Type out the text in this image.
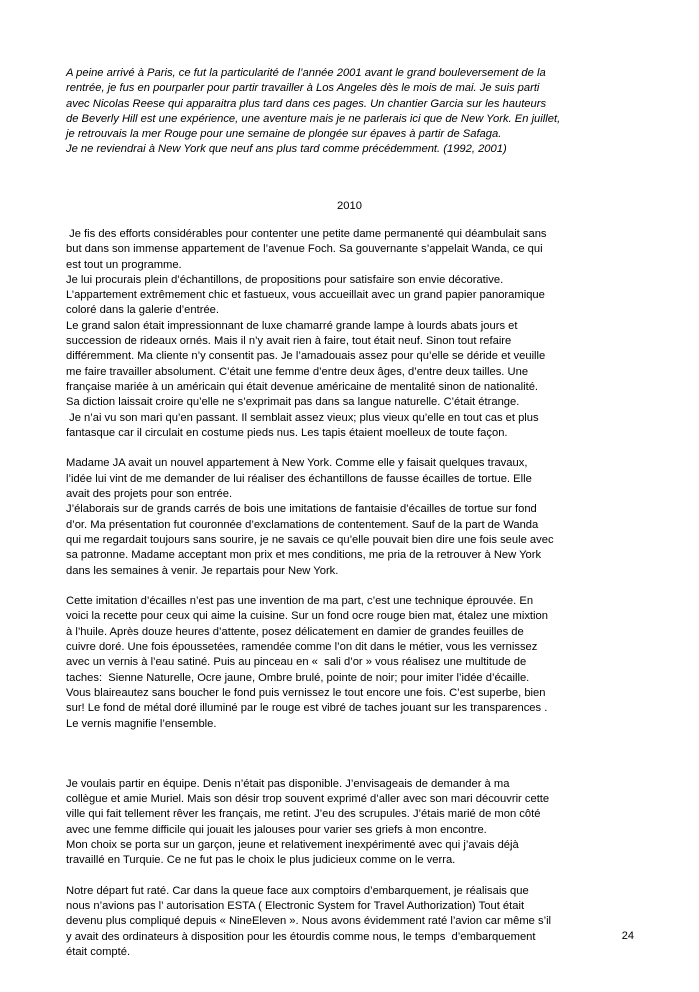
A peine arrivé à Paris, ce fut la particularité de l’année 2001 avant le grand bouleversement de la
rentrée, je fus en pourparler pour partir travailler à Los Angeles dès le mois de mai. Je suis parti
avec Nicolas Reese qui apparaitra plus tard dans ces pages. Un chantier Garcia sur les hauteurs
de Beverly Hill est une expérience, une aventure mais je ne parlerais ici que de New York. En juillet,
je retrouvais la mer Rouge pour une semaine de plongée sur épaves à partir de Safaga.
Je ne reviendrai à New York que neuf ans plus tard comme précédemment. (1992, 2001)
2010
Je fis des efforts considérables pour contenter une petite dame permanenté qui déambulait sans
but dans son immense appartement de l’avenue Foch. Sa gouvernante s’appelait Wanda, ce qui
est tout un programme.
Je lui procurais plein d’échantillons, de propositions pour satisfaire son envie décorative.
L’appartement extrêmement chic et fastueux, vous accueillait avec un grand papier panoramique
coloré dans la galerie d’entrée.
Le grand salon était impressionnant de luxe chamarré grande lampe à lourds abats jours et
succession de rideaux ornés. Mais il n’y avait rien à faire, tout était neuf. Sinon tout refaire
différemment. Ma cliente n’y consentit pas. Je l’amadouais assez pour qu’elle se déride et veuille
me faire travailler absolument. C’était une femme d’entre deux âges, d’entre deux tailles. Une
française mariée à un américain qui était devenue américaine de mentalité sinon de nationalité.
Sa diction laissait croire qu’elle ne s’exprimait pas dans sa langue naturelle. C’était étrange.
Je n’ai vu son mari qu’en passant. Il semblait assez vieux; plus vieux qu’elle en tout cas et plus
fantasque car il circulait en costume pieds nus. Les tapis étaient moelleux de toute façon.
Madame JA avait un nouvel appartement à New York. Comme elle y faisait quelques travaux,
l’idée lui vint de me demander de lui réaliser des échantillons de fausse écailles de tortue. Elle
avait des projets pour son entrée.
J’élaborais sur de grands carrés de bois une imitations de fantaisie d’écailles de tortue sur fond
d’or. Ma présentation fut couronnée d’exclamations de contentement. Sauf de la part de Wanda
qui me regardait toujours sans sourire, je ne savais ce qu’elle pouvait bien dire une fois seule avec
sa patronne. Madame acceptant mon prix et mes conditions, me pria de la retrouver à New York
dans les semaines à venir. Je repartais pour New York.
Cette imitation d’écailles n’est pas une invention de ma part, c’est une technique éprouvée. En
voici la recette pour ceux qui aime la cuisine. Sur un fond ocre rouge bien mat, étalez une mixtion
à l’huile. Après douze heures d’attente, posez délicatement en damier de grandes feuilles de
cuivre doré. Une fois époussetées, ramendée comme l’on dit dans le métier, vous les vernissez
avec un vernis à l’eau satiné. Puis au pinceau en «  sali d’or » vous réalisez une multitude de
taches:  Sienne Naturelle, Ocre jaune, Ombre brulé, pointe de noir; pour imiter l’idée d’écaille.
Vous blaireautez sans boucher le fond puis vernissez le tout encore une fois. C’est superbe, bien
sur! Le fond de métal doré illuminé par le rouge est vibré de taches jouant sur les transparences .
Le vernis magnifie l’ensemble.
Je voulais partir en équipe. Denis n’était pas disponible. J’envisageais de demander à ma
collègue et amie Muriel. Mais son désir trop souvent exprimé d’aller avec son mari découvrir cette
ville qui fait tellement rêver les français, me retint. J’eu des scrupules. J’étais marié de mon côté
avec une femme difficile qui jouait les jalouses pour varier ses griefs à mon encontre.
Mon choix se porta sur un garçon, jeune et relativement inexpérimenté avec qui j’avais déjà
travaillé en Turquie. Ce ne fut pas le choix le plus judicieux comme on le verra.
Notre départ fut raté. Car dans la queue face aux comptoirs d’embarquement, je réalisais que
nous n’avions pas l’ autorisation ESTA ( Electronic System for Travel Authorization) Tout était
devenu plus compliqué depuis « NineEleven ». Nous avons évidemment raté l’avion car même s’il
y avait des ordinateurs à disposition pour les étourdis comme nous, le temps  d’embarquement
était compté.
24
